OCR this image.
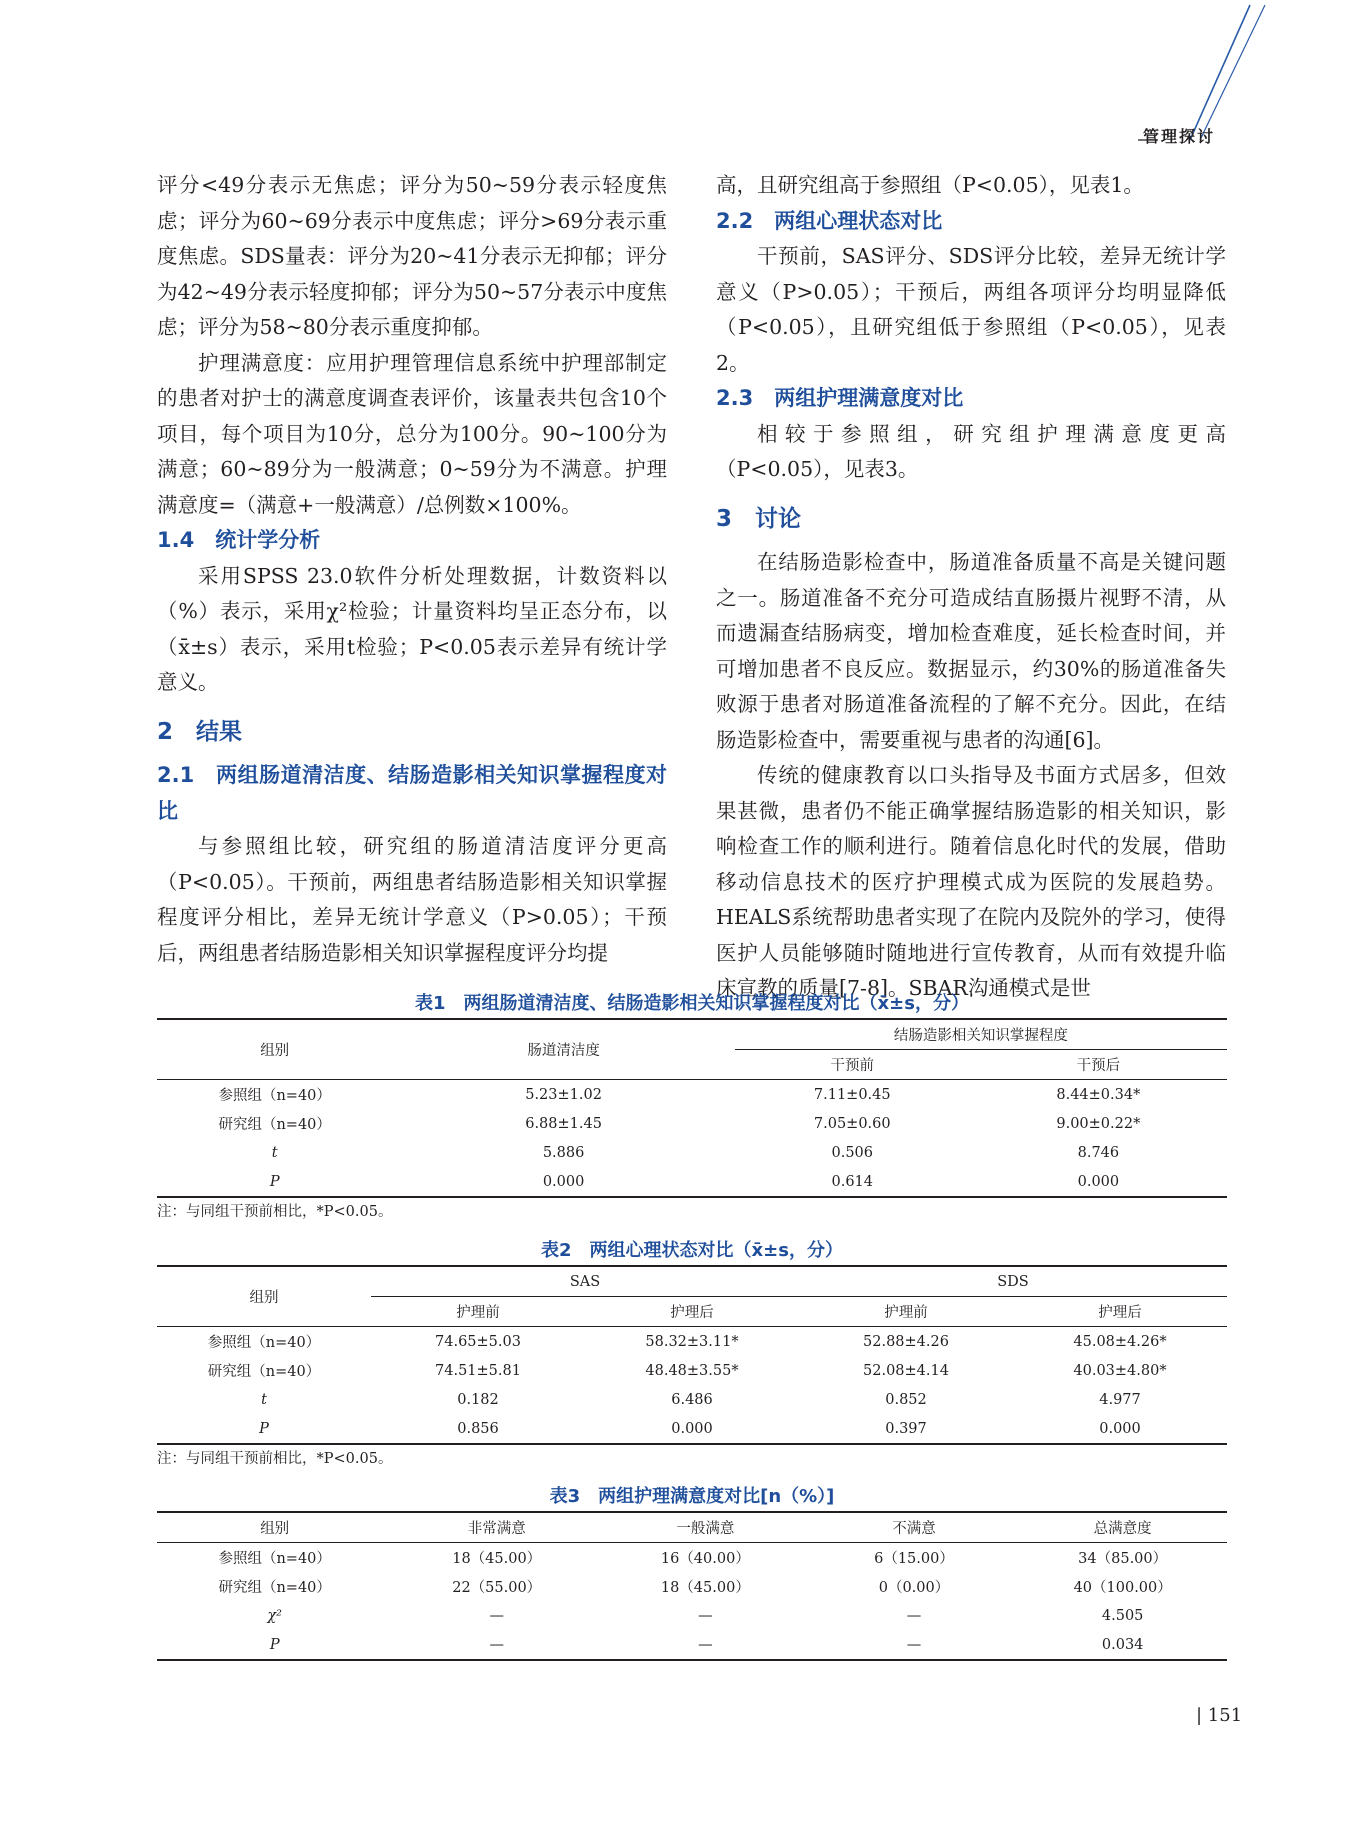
管理探讨

评分<49分表示无焦虑；评分为50~59分表示轻度焦虑；评分为60~69分表示中度焦虑；评分>69分表示重度焦虑。SDS量表：评分为20~41分表示无抑郁；评分为42~49分表示轻度抑郁；评分为50~57分表示中度焦虑；评分为58~80分表示重度抑郁。

护理满意度：应用护理管理信息系统中护理部制定的患者对护士的满意度调查表评价，该量表共包含10个项目，每个项目为10分，总分为100分。90~100分为满意；60~89分为一般满意；0~59分为不满意。护理满意度=（满意+一般满意）/总例数×100%。

1.4　统计学分析

采用SPSS 23.0软件分析处理数据，计数资料以（%）表示，采用χ²检验；计量资料均呈正态分布，以（x̄±s）表示，采用t检验；P<0.05表示差异有统计学意义。

2　结果

2.1　两组肠道清洁度、结肠造影相关知识掌握程度对比

与参照组比较，研究组的肠道清洁度评分更高（P<0.05）。干预前，两组患者结肠造影相关知识掌握程度评分相比，差异无统计学意义（P>0.05）；干预后，两组患者结肠造影相关知识掌握程度评分均提

高，且研究组高于参照组（P<0.05），见表1。

2.2　两组心理状态对比

干预前，SAS评分、SDS评分比较，差异无统计学意义（P>0.05）；干预后，两组各项评分均明显降低（P<0.05），且研究组低于参照组（P<0.05），见表2。

2.3　两组护理满意度对比

相较于参照组，研究组护理满意度更高（P<0.05），见表3。

3　讨论

在结肠造影检查中，肠道准备质量不高是关键问题之一。肠道准备不充分可造成结直肠摄片视野不清，从而遗漏查结肠病变，增加检查难度，延长检查时间，并可增加患者不良反应。数据显示，约30%的肠道准备失败源于患者对肠道准备流程的了解不充分。因此，在结肠造影检查中，需要重视与患者的沟通[6]。

传统的健康教育以口头指导及书面方式居多，但效果甚微，患者仍不能正确掌握结肠造影的相关知识，影响检查工作的顺利进行。随着信息化时代的发展，借助移动信息技术的医疗护理模式成为医院的发展趋势。HEALS系统帮助患者实现了在院内及院外的学习，使得医护人员能够随时随地进行宣传教育，从而有效提升临床宣教的质量[7-8]。SBAR沟通模式是世

表1　两组肠道清洁度、结肠造影相关知识掌握程度对比（x̄±s，分）
组别	肠道清洁度	结肠造影相关知识掌握程度	
		干预前	干预后
参照组（n=40）	5.23±1.02	7.11±0.45	8.44±0.34*
研究组（n=40）	6.88±1.45	7.05±0.60	9.00±0.22*
t	5.886	0.506	8.746
P	0.000	0.614	0.000
注：与同组干预前相比，*P<0.05。
表2　两组心理状态对比（x̄±s，分）
组别	SAS		SDS	
	护理前	护理后	护理前	护理后
参照组（n=40）	74.65±5.03	58.32±3.11*	52.88±4.26	45.08±4.26*
研究组（n=40）	74.51±5.81	48.48±3.55*	52.08±4.14	40.03±4.80*
t	0.182	6.486	0.852	4.977
P	0.856	0.000	0.397	0.000
注：与同组干预前相比，*P<0.05。
表3　两组护理满意度对比[n（%）]
组别	非常满意	一般满意	不满意	总满意度
参照组（n=40）	18（45.00）	16（40.00）	6（15.00）	34（85.00）
研究组（n=40）	22（55.00）	18（45.00）	0（0.00）	40（100.00）
χ²	—	—	—	4.505
P	—	—	—	0.034
| 151
